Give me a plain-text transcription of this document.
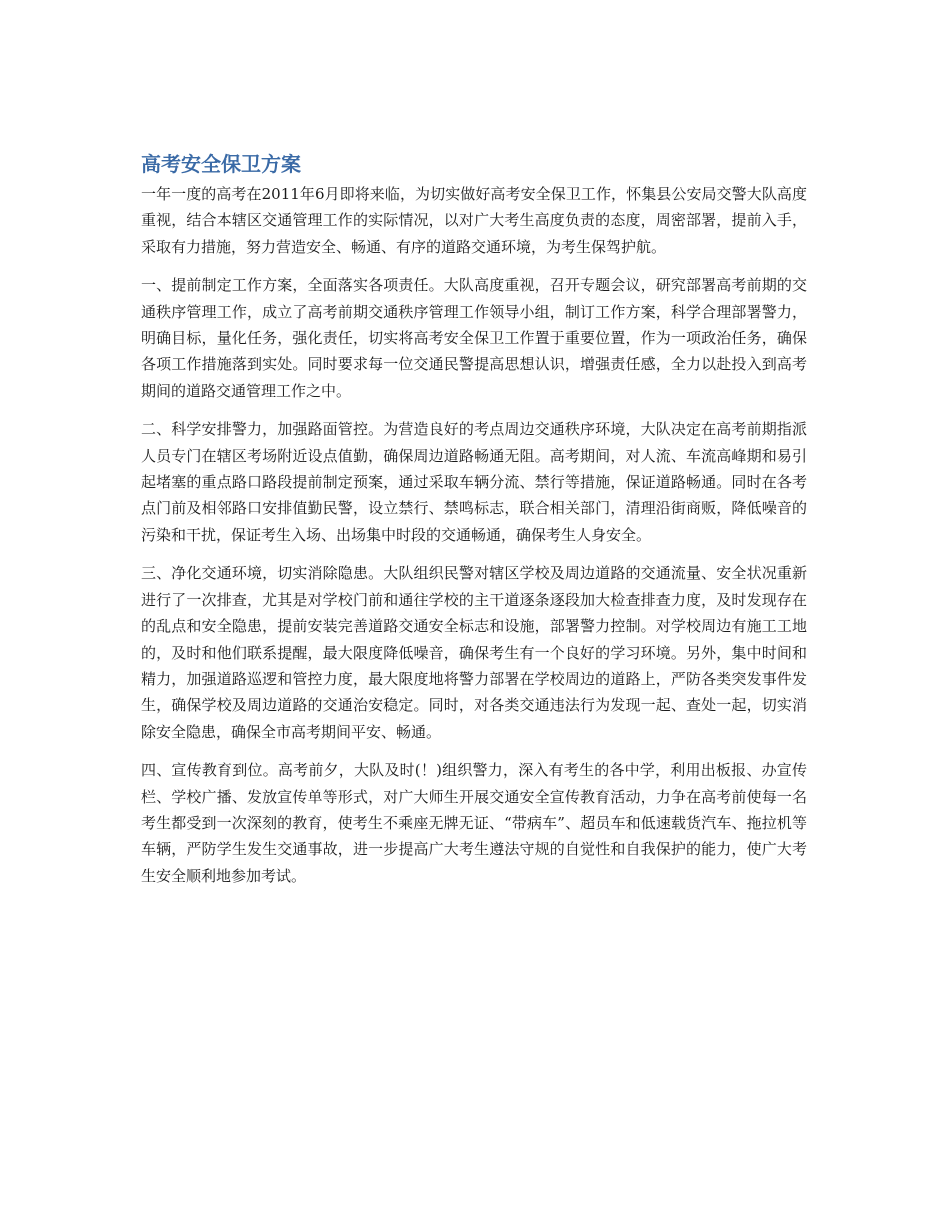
高考安全保卫方案

一年一度的高考在2011年6月即将来临，为切实做好高考安全保卫工作，怀集县公安局交警大队高度重视，结合本辖区交通管理工作的实际情况，以对广大考生高度负责的态度，周密部署，提前入手，采取有力措施，努力营造安全、畅通、有序的道路交通环境，为考生保驾护航。

一、提前制定工作方案，全面落实各项责任。大队高度重视，召开专题会议，研究部署高考前期的交通秩序管理工作，成立了高考前期交通秩序管理工作领导小组，制订工作方案，科学合理部署警力，明确目标，量化任务，强化责任，切实将高考安全保卫工作置于重要位置，作为一项政治任务，确保各项工作措施落到实处。同时要求每一位交通民警提高思想认识，增强责任感，全力以赴投入到高考期间的道路交通管理工作之中。

二、科学安排警力，加强路面管控。为营造良好的考点周边交通秩序环境，大队决定在高考前期指派人员专门在辖区考场附近设点值勤，确保周边道路畅通无阻。高考期间，对人流、车流高峰期和易引起堵塞的重点路口路段提前制定预案，通过采取车辆分流、禁行等措施，保证道路畅通。同时在各考点门前及相邻路口安排值勤民警，设立禁行、禁鸣标志，联合相关部门，清理沿街商贩，降低噪音的污染和干扰，保证考生入场、出场集中时段的交通畅通，确保考生人身安全。

三、净化交通环境，切实消除隐患。大队组织民警对辖区学校及周边道路的交通流量、安全状况重新进行了一次排查，尤其是对学校门前和通往学校的主干道逐条逐段加大检查排查力度，及时发现存在的乱点和安全隐患，提前安装完善道路交通安全标志和设施，部署警力控制。对学校周边有施工工地的，及时和他们联系提醒，最大限度降低噪音，确保考生有一个良好的学习环境。另外，集中时间和精力，加强道路巡逻和管控力度，最大限度地将警力部署在学校周边的道路上，严防各类突发事件发生，确保学校及周边道路的交通治安稳定。同时，对各类交通违法行为发现一起、查处一起，切实消除安全隐患，确保全市高考期间平安、畅通。

四、宣传教育到位。高考前夕，大队及时(！)组织警力，深入有考生的各中学，利用出板报、办宣传栏、学校广播、发放宣传单等形式，对广大师生开展交通安全宣传教育活动，力争在高考前使每一名考生都受到一次深刻的教育，使考生不乘座无牌无证、“带病车”、超员车和低速载货汽车、拖拉机等车辆，严防学生发生交通事故，进一步提高广大考生遵法守规的自觉性和自我保护的能力，使广大考生安全顺利地参加考试。
